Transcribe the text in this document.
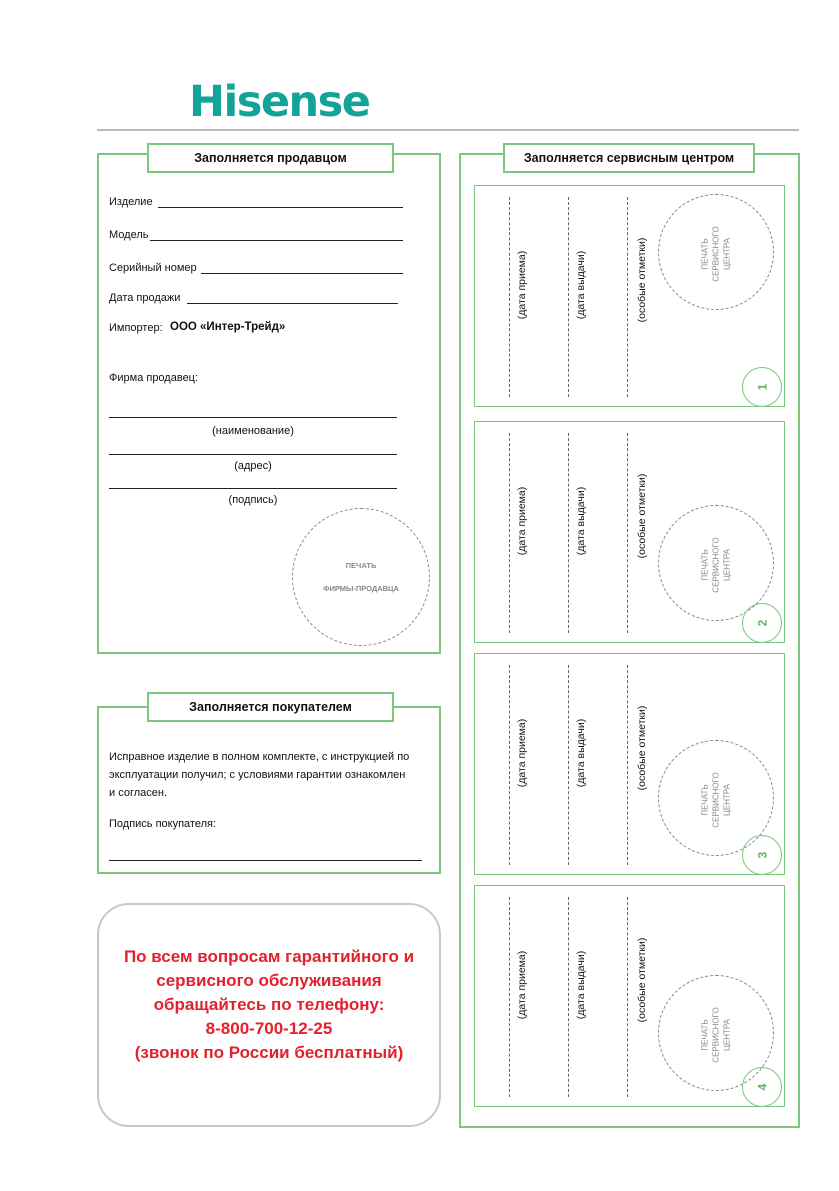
Hisense
Заполняется продавцом
Изделие
Модель
Серийный номер
Дата продажи
Импортер: ООО «Интер-Трейд»
Фирма продавец:
(наименование)
(адрес)
(подпись)
ПЕЧАТЬ
ФИРМЫ-ПРОДАВЦА
Заполняется покупателем
Исправное изделие в полном комплекте, с инструкцией по
эксплуатации получил; с условиями гарантии ознакомлен
и согласен.
Подпись покупателя:
По всем вопросам гарантийного и
сервисного обслуживания
обращайтесь по телефону:
8-800-700-12-25
(звонок по России бесплатный)
Заполняется сервисным центром
(дата приема)	(дата выдачи)	(особые отметки)	ПЕЧАТЬ СЕРВИСНОГО ЦЕНТРА
1
(дата приема)	(дата выдачи)	(особые отметки)
ПЕЧАТЬ СЕРВИСНОГО ЦЕНТРА
2
(дата приема)	(дата выдачи)	(особые отметки)
ПЕЧАТЬ СЕРВИСНОГО ЦЕНТРА
3
(дата приема)	(дата выдачи)	(особые отметки)
ПЕЧАТЬ СЕРВИСНОГО ЦЕНТРА
4
